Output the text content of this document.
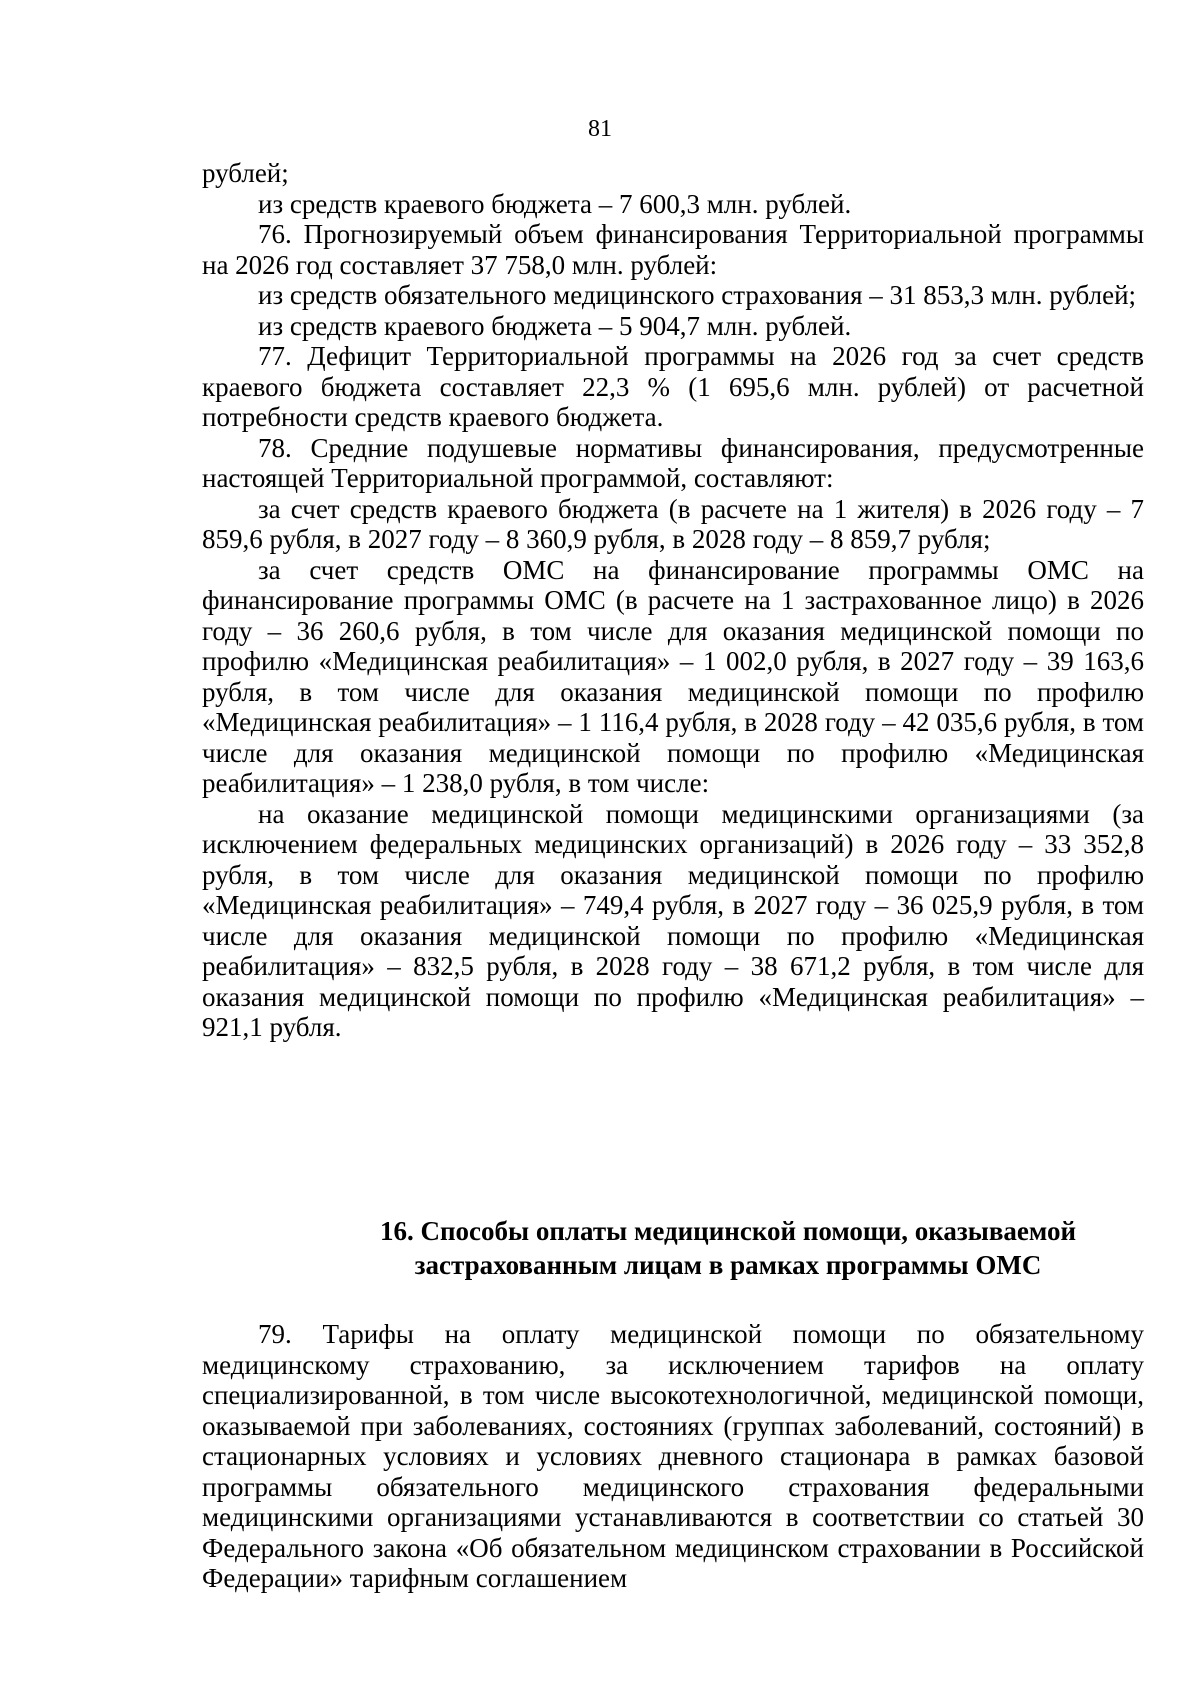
81

рублей;

из средств краевого бюджета – 7 600,3 млн. рублей.

76. Прогнозируемый объем финансирования Территориальной программы на 2026 год составляет 37 758,0 млн. рублей:

из средств обязательного медицинского страхования – 31 853,3 млн. рублей;

из средств краевого бюджета – 5 904,7 млн. рублей.

77. Дефицит Территориальной программы на 2026 год за счет средств краевого бюджета составляет 22,3 % (1 695,6 млн. рублей) от расчетной потребности средств краевого бюджета.

78. Средние подушевые нормативы финансирования, предусмотренные настоящей Территориальной программой, составляют:

за счет средств краевого бюджета (в расчете на 1 жителя) в 2026 году – 7 859,6 рубля, в 2027 году – 8 360,9 рубля, в 2028 году – 8 859,7 рубля;

за счет средств ОМС на финансирование программы ОМС на финансирование программы ОМС (в расчете на 1 застрахованное лицо) в 2026 году – 36 260,6 рубля, в том числе для оказания медицинской помощи по профилю «Медицинская реабилитация» – 1 002,0 рубля, в 2027 году – 39 163,6 рубля, в том числе для оказания медицинской помощи по профилю «Медицинская реабилитация» – 1 116,4 рубля, в 2028 году – 42 035,6 рубля, в том числе для оказания медицинской помощи по профилю «Медицинская реабилитация» – 1 238,0 рубля, в том числе:

на оказание медицинской помощи медицинскими организациями (за исключением федеральных медицинских организаций) в 2026 году – 33 352,8 рубля, в том числе для оказания медицинской помощи по профилю «Медицинская реабилитация» – 749,4 рубля, в 2027 году – 36 025,9 рубля, в том числе для оказания медицинской помощи по профилю «Медицинская реабилитация» – 832,5 рубля, в 2028 году – 38 671,2 рубля, в том числе для оказания медицинской помощи по профилю «Медицинская реабилитация» – 921,1 рубля.

16. Способы оплаты медицинской помощи, оказываемой
застрахованным лицам в рамках программы ОМС

79. Тарифы на оплату медицинской помощи по обязательному медицинскому страхованию, за исключением тарифов на оплату специализированной, в том числе высокотехнологичной, медицинской помощи, оказываемой при заболеваниях, состояниях (группах заболеваний, состояний) в стационарных условиях и условиях дневного стационара в рамках базовой программы обязательного медицинского страхования федеральными медицинскими организациями устанавливаются в соответствии со статьей 30 Федерального закона «Об обязательном медицинском страховании в Российской Федерации» тарифным соглашением
